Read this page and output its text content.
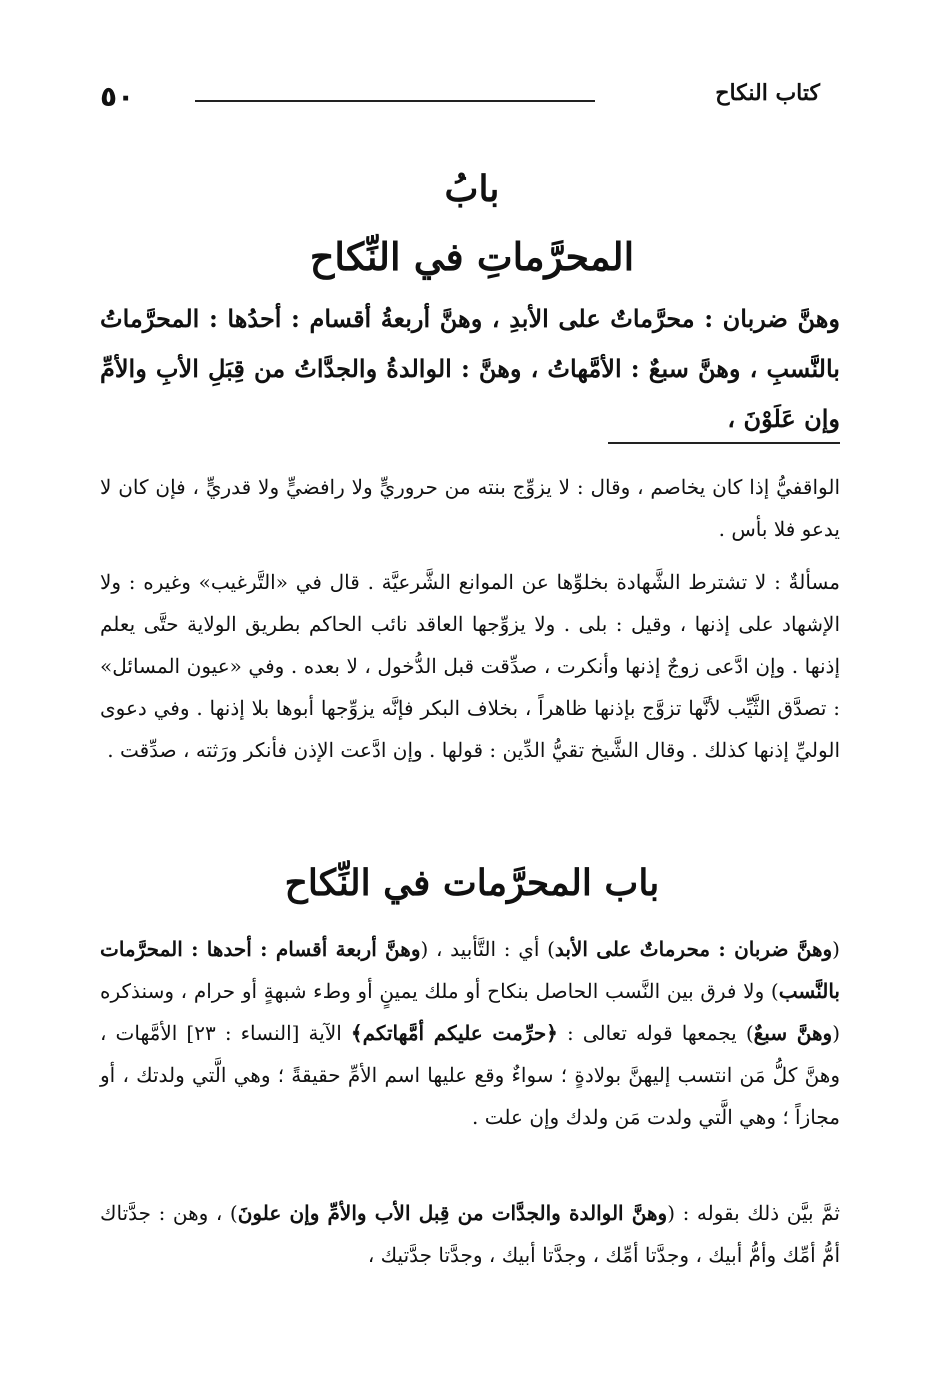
٥٠	كتاب النكاح
بابُ
المحرَّماتِ في النِّكاح
وهنَّ ضربان : محرَّماتٌ على الأبدِ ، وهنَّ أربعةُ أقسام : أحدُها : المحرَّماتُ بالنَّسبِ ، وهنَّ سبعٌ : الأمَّهاتُ ، وهنَّ : الوالدةُ والجدَّاتُ من قِبَلِ الأبِ والأمِّ وإن عَلَوْنَ ،
الواقفيُّ إذا كان يخاصم ، وقال : لا يزوِّج بنته من حروريٍّ ولا رافضيٍّ ولا قدريٍّ ، فإن كان لا يدعو فلا بأس .
مسألةٌ : لا تشترط الشَّهادة بخلوِّها عن الموانع الشَّرعيَّة . قال في «التَّرغيب» وغيره : ولا الإشهاد على إذنها ، وقيل : بلى . ولا يزوِّجها العاقد نائب الحاكم بطريق الولاية حتَّى يعلم إذنها . وإن ادَّعى زوجٌ إذنها وأنكرت ، صدِّقت قبل الدُّخول ، لا بعده . وفي «عيون المسائل» : تصدَّق الثَّيِّب لأنَّها تزوَّج بإذنها ظاهراً ، بخلاف البكر فإنَّه يزوِّجها أبوها بلا إذنها . وفي دعوى الوليِّ إذنها كذلك . وقال الشَّيخ تقيُّ الدِّين : قولها . وإن ادَّعت الإذن فأنكر ورَثته ، صدِّقت .
باب المحرَّمات في النِّكاح
(وهنَّ ضربان : محرماتٌ على الأبد) أي : التَّأبيد ، (وهنَّ أربعة أقسام : أحدها : المحرَّمات بالنَّسب) ولا فرق بين النَّسب الحاصل بنكاح أو ملك يمينٍ أو وطء شبهةٍ أو حرام ، وسنذكره (وهنَّ سبعٌ) يجمعها قوله تعالى : ﴿حرِّمت عليكم أمَّهاتكم﴾ الآية [النساء : ٢٣] الأمَّهات ، وهنَّ كلُّ مَن انتسب إليهنَّ بولادةٍ ؛ سواءٌ وقع عليها اسم الأمِّ حقيقةً ؛ وهي الَّتي ولدتك ، أو مجازاً ؛ وهي الَّتي ولدت مَن ولدك وإن علت .
ثمَّ بيَّن ذلك بقوله : (وهنَّ الوالدة والجدَّات من قِبل الأب والأمِّ وإن علونَ) ، وهن : جدَّتاك أمُّ أمِّك وأمُّ أبيك ، وجدَّتا أمِّك ، وجدَّتا أبيك ، وجدَّتا جدَّتيك ،
